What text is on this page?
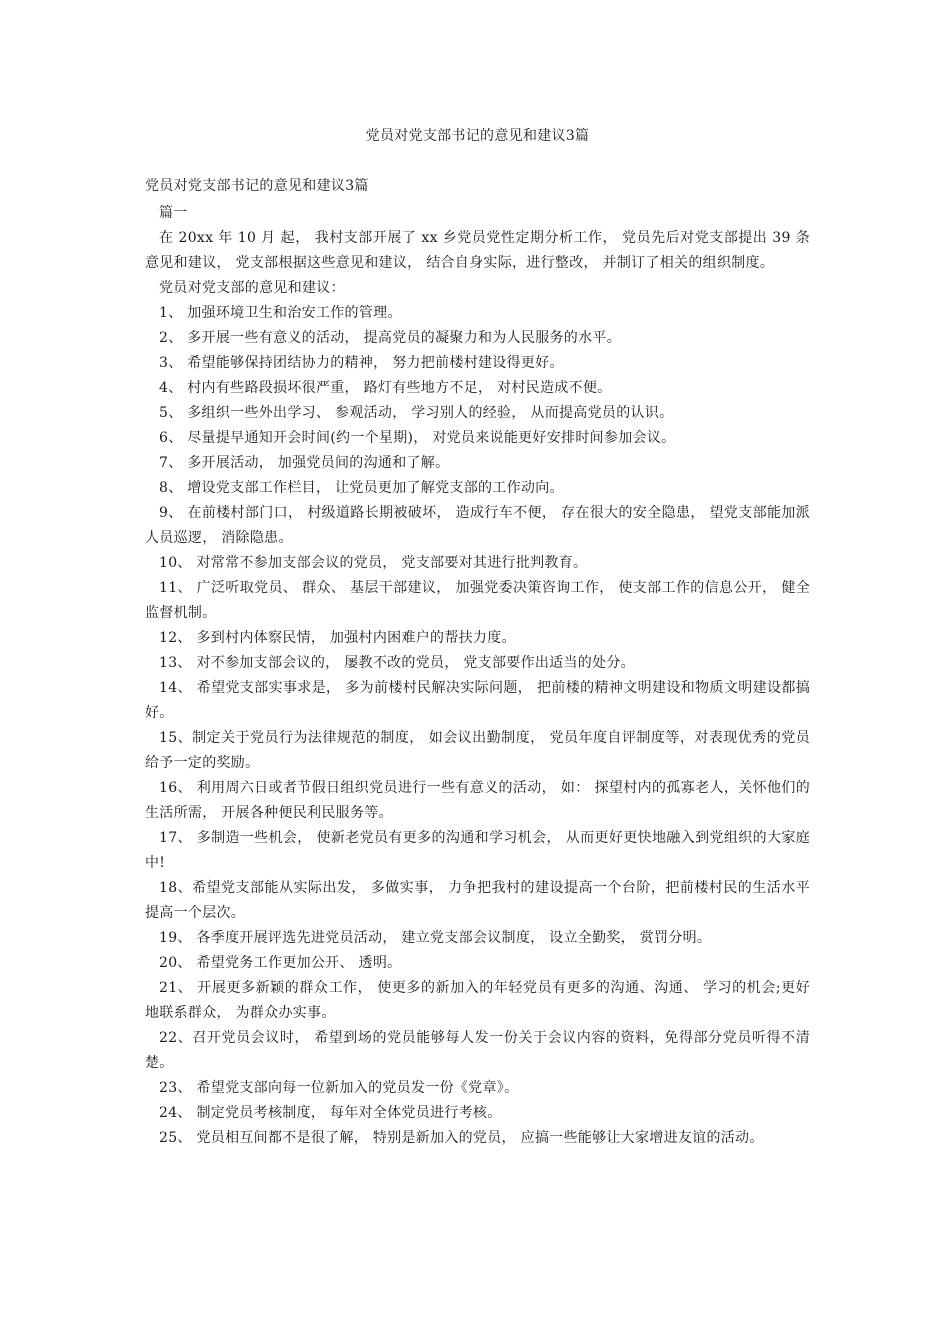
党员对党支部书记的意见和建议3篇
党员对党支部书记的意见和建议3篇

篇一

在 20xx 年 10 月 起， 我村支部开展了 xx 乡党员党性定期分析工作， 党员先后对党支部提出 39 条意见和建议， 党支部根据这些意见和建议， 结合自身实际，进行整改， 并制订了相关的组织制度。

党员对党支部的意见和建议：

1、 加强环境卫生和治安工作的管理。

2、 多开展一些有意义的活动， 提高党员的凝聚力和为人民服务的水平。

3、 希望能够保持团结协力的精神， 努力把前楼村建设得更好。

4、 村内有些路段损坏很严重， 路灯有些地方不足， 对村民造成不便。

5、 多组织一些外出学习、 参观活动， 学习别人的经验， 从而提高党员的认识。

6、 尽量提早通知开会时间(约一个星期)， 对党员来说能更好安排时间参加会议。

7、 多开展活动， 加强党员间的沟通和了解。

8、 增设党支部工作栏目， 让党员更加了解党支部的工作动向。

9、 在前楼村部门口， 村级道路长期被破坏， 造成行车不便， 存在很大的安全隐患， 望党支部能加派人员巡逻， 消除隐患。

10、 对常常不参加支部会议的党员， 党支部要对其进行批判教育。

11、 广泛听取党员、 群众、 基层干部建议， 加强党委决策咨询工作， 使支部工作的信息公开， 健全监督机制。

12、 多到村内体察民情， 加强村内困难户的帮扶力度。

13、 对不参加支部会议的， 屡教不改的党员， 党支部要作出适当的处分。

14、 希望党支部实事求是， 多为前楼村民解决实际问题， 把前楼的精神文明建设和物质文明建设都搞好。

15、制定关于党员行为法律规范的制度， 如会议出勤制度， 党员年度自评制度等，对表现优秀的党员给予一定的奖励。

16、 利用周六日或者节假日组织党员进行一些有意义的活动， 如： 探望村内的孤寡老人，关怀他们的生活所需， 开展各种便民利民服务等。

17、 多制造一些机会， 使新老党员有更多的沟通和学习机会， 从而更好更快地融入到党组织的大家庭中!

18、希望党支部能从实际出发， 多做实事， 力争把我村的建设提高一个台阶，把前楼村民的生活水平提高一个层次。

19、 各季度开展评选先进党员活动， 建立党支部会议制度， 设立全勤奖， 赏罚分明。

20、 希望党务工作更加公开、 透明。

21、 开展更多新颖的群众工作， 使更多的新加入的年轻党员有更多的沟通、沟通、 学习的机会;更好地联系群众， 为群众办实事。

22、召开党员会议时， 希望到场的党员能够每人发一份关于会议内容的资料，免得部分党员听得不清楚。

23、 希望党支部向每一位新加入的党员发一份《党章》。

24、 制定党员考核制度， 每年对全体党员进行考核。

25、 党员相互间都不是很了解， 特别是新加入的党员， 应搞一些能够让大家增进友谊的活动。
